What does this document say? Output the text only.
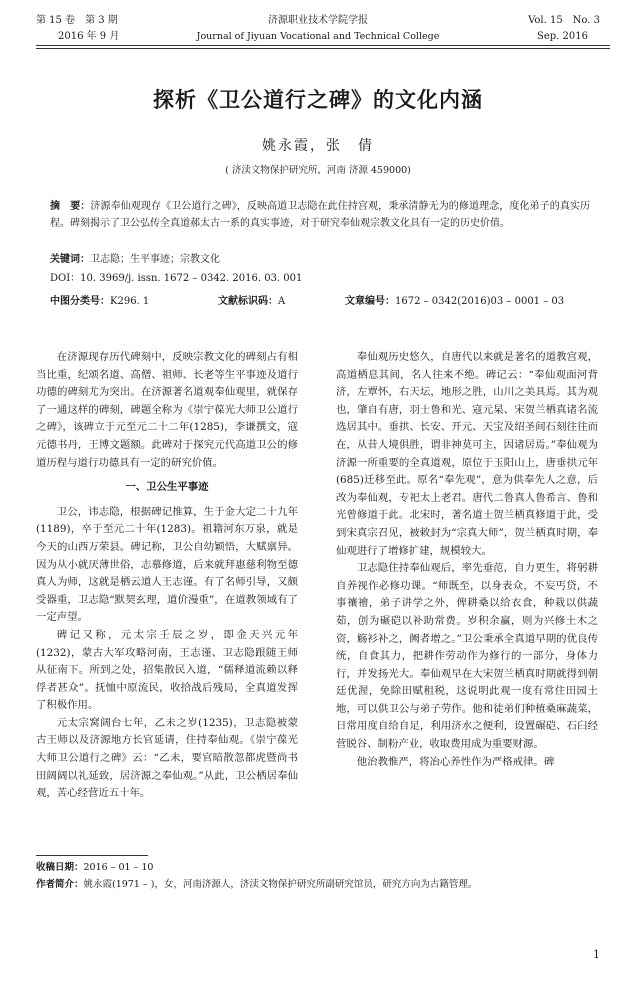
第 15 卷　第 3 期
2016 年 9 月
济源职业技术学院学报
Journal of Jiyuan Vocational and Technical College
Vol. 15　No. 3
Sep. 2016
探析《卫公道行之碑》的文化内涵
姚永霞，张　倩
( 济渎文物保护研究所，河南 济源 459000)
摘　要：济源奉仙观现存《卫公道行之碑》，反映高道卫志隐在此住持宫观，秉承清静无为的修道理念，度化弟子的真实历程。碑刻揭示了卫公弘传全真道郝太古一系的真实事迹，对于研究奉仙观宗教文化具有一定的历史价值。
关键词：卫志隐；生平事迹；宗教文化
DOI：10. 3969/j. issn. 1672 – 0342. 2016. 03. 001
中图分类号：K296. 1	文献标识码：A	文章编号：1672 – 0342(2016)03 – 0001 – 03

在济源现存历代碑刻中，反映宗教文化的碑刻占有相当比重，纪颂名道、高僧、祖师、长老等生平事迹及道行功德的碑刻尤为突出。在济源著名道观奉仙观里，就保存了一通这样的碑刻，碑题全称为《崇宁葆光大师卫公道行之碑》，该碑立于元至元二十二年(1285)，李谦撰文，寇元德书丹，王博文题额。此碑对于探究元代高道卫公的修道历程与道行功德具有一定的研究价值。

一、卫公生平事迹

卫公，讳志隐，根据碑记推算，生于金大定二十九年(1189)，卒于至元二十年(1283)。祖籍河东万泉，就是今天的山西万荣县。碑记称，卫公自幼颖悟，大赋禀异。因为从小就厌薄世俗，志慕修道，后来就拜惠慈利物至德真人为师，这就是栖云道人王志谨。有了名师引导，又颇受器重，卫志隐“默契玄理，道价漫重”，在道教领域有了一定声望。

碑记又称，元太宗壬辰之岁，即金天兴元年(1232)，蒙古大军攻略河南，王志谨、卫志隐跟随王师从征南下。所到之处，招集散民入道，“儒释道流赖以释俘者甚众”。抚恤中原流民，收拾战后残局，全真道发挥了积极作用。

元太宗窝阔台七年，乙未之岁(1235)，卫志隐被蒙古王师以及济源地方长官延请，住持奉仙观。《崇宁葆光大师卫公道行之碑》云：“乙未，要官暗散忽都虎暨尚书田阔阔以礼延致，居济源之奉仙观。”从此，卫公栖居奉仙观，苦心经营近五十年。

奉仙观历史悠久，自唐代以来就是著名的道教宫观，高道栖息其间，名人往来不绝。碑记云：“奉仙观面河背济，左覃怀，右天坛，地形之胜，山川之美具焉。其为观也，肇自有唐，羽士鲁和光、寇元杲、宋贺兰栖真诸名流选居其中。垂拱、长安、开元、天宝及绍圣间石刻往往而在，从昔人境俱胜，谓非神莫可主，因诸居焉。”奉仙观为济源一所重要的全真道观，原位于玉阳山上，唐垂拱元年(685)迁移至此。原名“奉先观”，意为供奉先人之意，后改为奉仙观，专祀太上老君。唐代二鲁真人鲁希言、鲁和光曾修道于此。北宋时，著名道士贺兰栖真修道于此，受到宋真宗召见，被敕封为“宗真大师”，贺兰栖真时期，奉仙观进行了增修扩建，规模较大。

卫志隐住持奉仙观后，率先垂范，自力更生，将躬耕自养视作必修功课。“师既至，以身表众，不妄丐贷，不事禳禬，弟子讲学之外，俾耕桑以给衣食，种栽以供蔬茹，创为碾硙以补助常费。岁积余赢，则为兴修土木之资，觞衫补之，阙者增之。”卫公秉承全真道早期的优良传统，自食其力，把耕作劳动作为修行的一部分，身体力行，并发扬光大。奉仙观早在大宋贺兰栖真时期就得到朝廷优渥，免除田赋租税，这说明此观一度有常住田园土地，可以供卫公与弟子劳作。他和徒弟们种植桑麻蔬菜，日常用度自给自足，利用济水之便利，设置碾硙、石臼经营脱谷、制粉产业，收取费用成为重要财源。

他治教惟严，将冶心养性作为严格戒律。碑

收稿日期：2016 – 01 – 10
作者简介：姚永霞(1971 – )，女，河南济源人，济渎文物保护研究所副研究馆员，研究方向为古籍管理。
1
